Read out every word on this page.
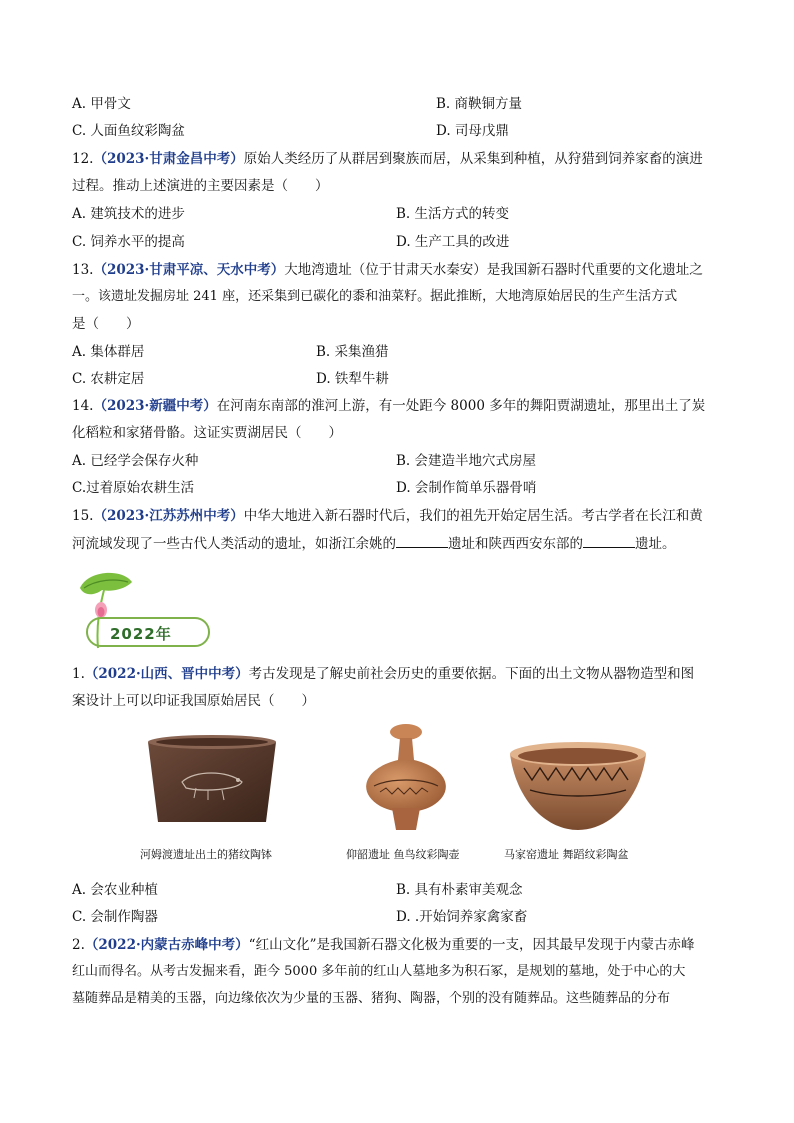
A. 甲骨文	B. 商鞅铜方量
C. 人面鱼纹彩陶盆	D. 司母戊鼎
12.（2023·甘肃金昌中考）原始人类经历了从群居到聚族而居，从采集到种植，从狩猎到饲养家畜的演进
过程。推动上述演进的主要因素是（　　）
A. 建筑技术的进步	B. 生活方式的转变
C. 饲养水平的提高	D. 生产工具的改进
13.（2023·甘肃平凉、天水中考）大地湾遗址（位于甘肃天水秦安）是我国新石器时代重要的文化遗址之
一。该遗址发掘房址 241 座，还采集到已碳化的黍和油菜籽。据此推断，大地湾原始居民的生产生活方式
是（　　）
A. 集体群居	B. 采集渔猎
C. 农耕定居	D. 铁犁牛耕
14.（2023·新疆中考）在河南东南部的淮河上游，有一处距今 8000 多年的舞阳贾湖遗址，那里出土了炭
化稻粒和家猪骨骼。这证实贾湖居民（　　）
A. 已经学会保存火种	B. 会建造半地穴式房屋
C.过着原始农耕生活	D. 会制作简单乐器骨哨
15.（2023·江苏苏州中考）中华大地进入新石器时代后，我们的祖先开始定居生活。考古学者在长江和黄
河流域发现了一些古代人类活动的遗址，如浙江余姚的	遗址和陕西西安东部的	遗址。
2022年
1.（2022·山西、晋中中考）考古发现是了解史前社会历史的重要依据。下面的出土文物从器物造型和图
案设计上可以印证我国原始居民（　　）
河姆渡遗址出土的猪纹陶钵	仰韶遗址 鱼鸟纹彩陶壶	马家窑遗址 舞蹈纹彩陶盆
A. 会农业种植	B. 具有朴素审美观念
C. 会制作陶器	D. .开始饲养家禽家畜
2.（2022·内蒙古赤峰中考）“红山文化”是我国新石器文化极为重要的一支，因其最早发现于内蒙古赤峰
红山而得名。从考古发掘来看，距今 5000 多年前的红山人墓地多为积石冢，是规划的墓地，处于中心的大
墓随葬品是精美的玉器，向边缘依次为少量的玉器、猪狗、陶器，个别的没有随葬品。这些随葬品的分布
